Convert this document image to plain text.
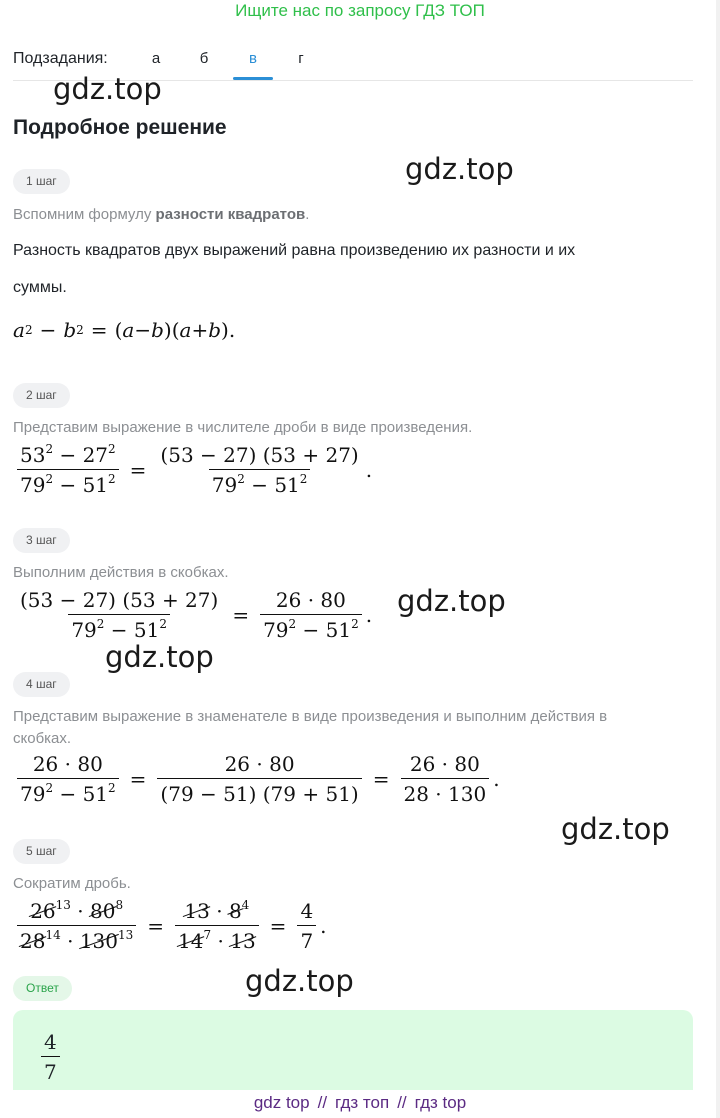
Ищите нас по запросу ГДЗ ТОП
Подзадания:	а	б	в	г
gdz.top
gdz.top
gdz.top
gdz.top
gdz.top
gdz.top
Подробное решение
1 шаг
Вспомним формулу разности квадратов.
Разность квадратов двух выражений равна произведению их разности и их
суммы.
a 2 − b 2 = ( a − b )( a + b ).
2 шаг
Представим выражение в числителе дроби в виде произведения.
$\frac{53^2 - 27^2}{79^2 - 51^2} = \frac{(53 - 27) (53 + 27)}{79^2 - 51^2}$ .
3 шаг
Выполним действия в скобках.
$\frac{(53 - 27) (53 + 27)}{79^2 - 51^2} = \frac{26 \cdot 80}{79^2 - 51^2}$ .
4 шаг
Представим выражение в знаменателе в виде произведения и выполним действия в
скобках.
$\frac{26 \cdot 80}{79^2 - 51^2} = \frac{26 \cdot 80}{(79 - 51) (79 + 51)} = \frac{26 \cdot 80}{28 \cdot 130}$ .
5 шаг
Сократим дробь.
$\frac{26^{13} \cdot 80^8}{28^{14} \cdot 130^{13}} = \frac{13 \cdot 8^4}{14^7 \cdot 13} = \frac{4}{7}$ .
Ответ
$\frac{4}{7}$
gdz top // гдз топ // гдз top
